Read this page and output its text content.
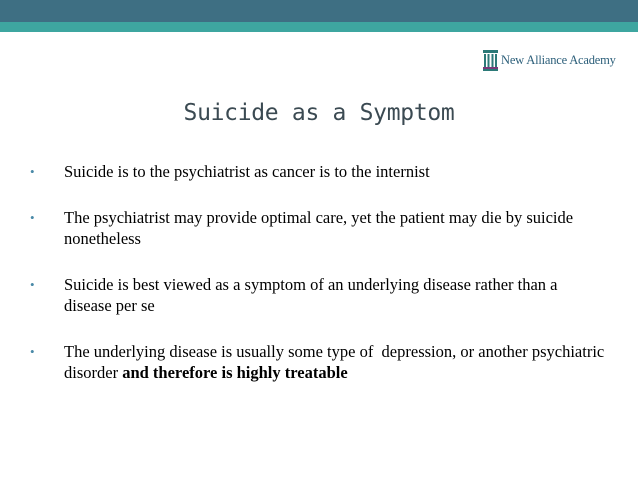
New Alliance Academy
Suicide as a Symptom
• Suicide is to the psychiatrist as cancer is to the internist
• The psychiatrist may provide optimal care, yet the patient may die by suicide nonetheless
• Suicide is best viewed as a symptom of an underlying disease rather than a disease per se
• The underlying disease is usually some type of  depression, or another psychiatric disorder and therefore is highly treatable
